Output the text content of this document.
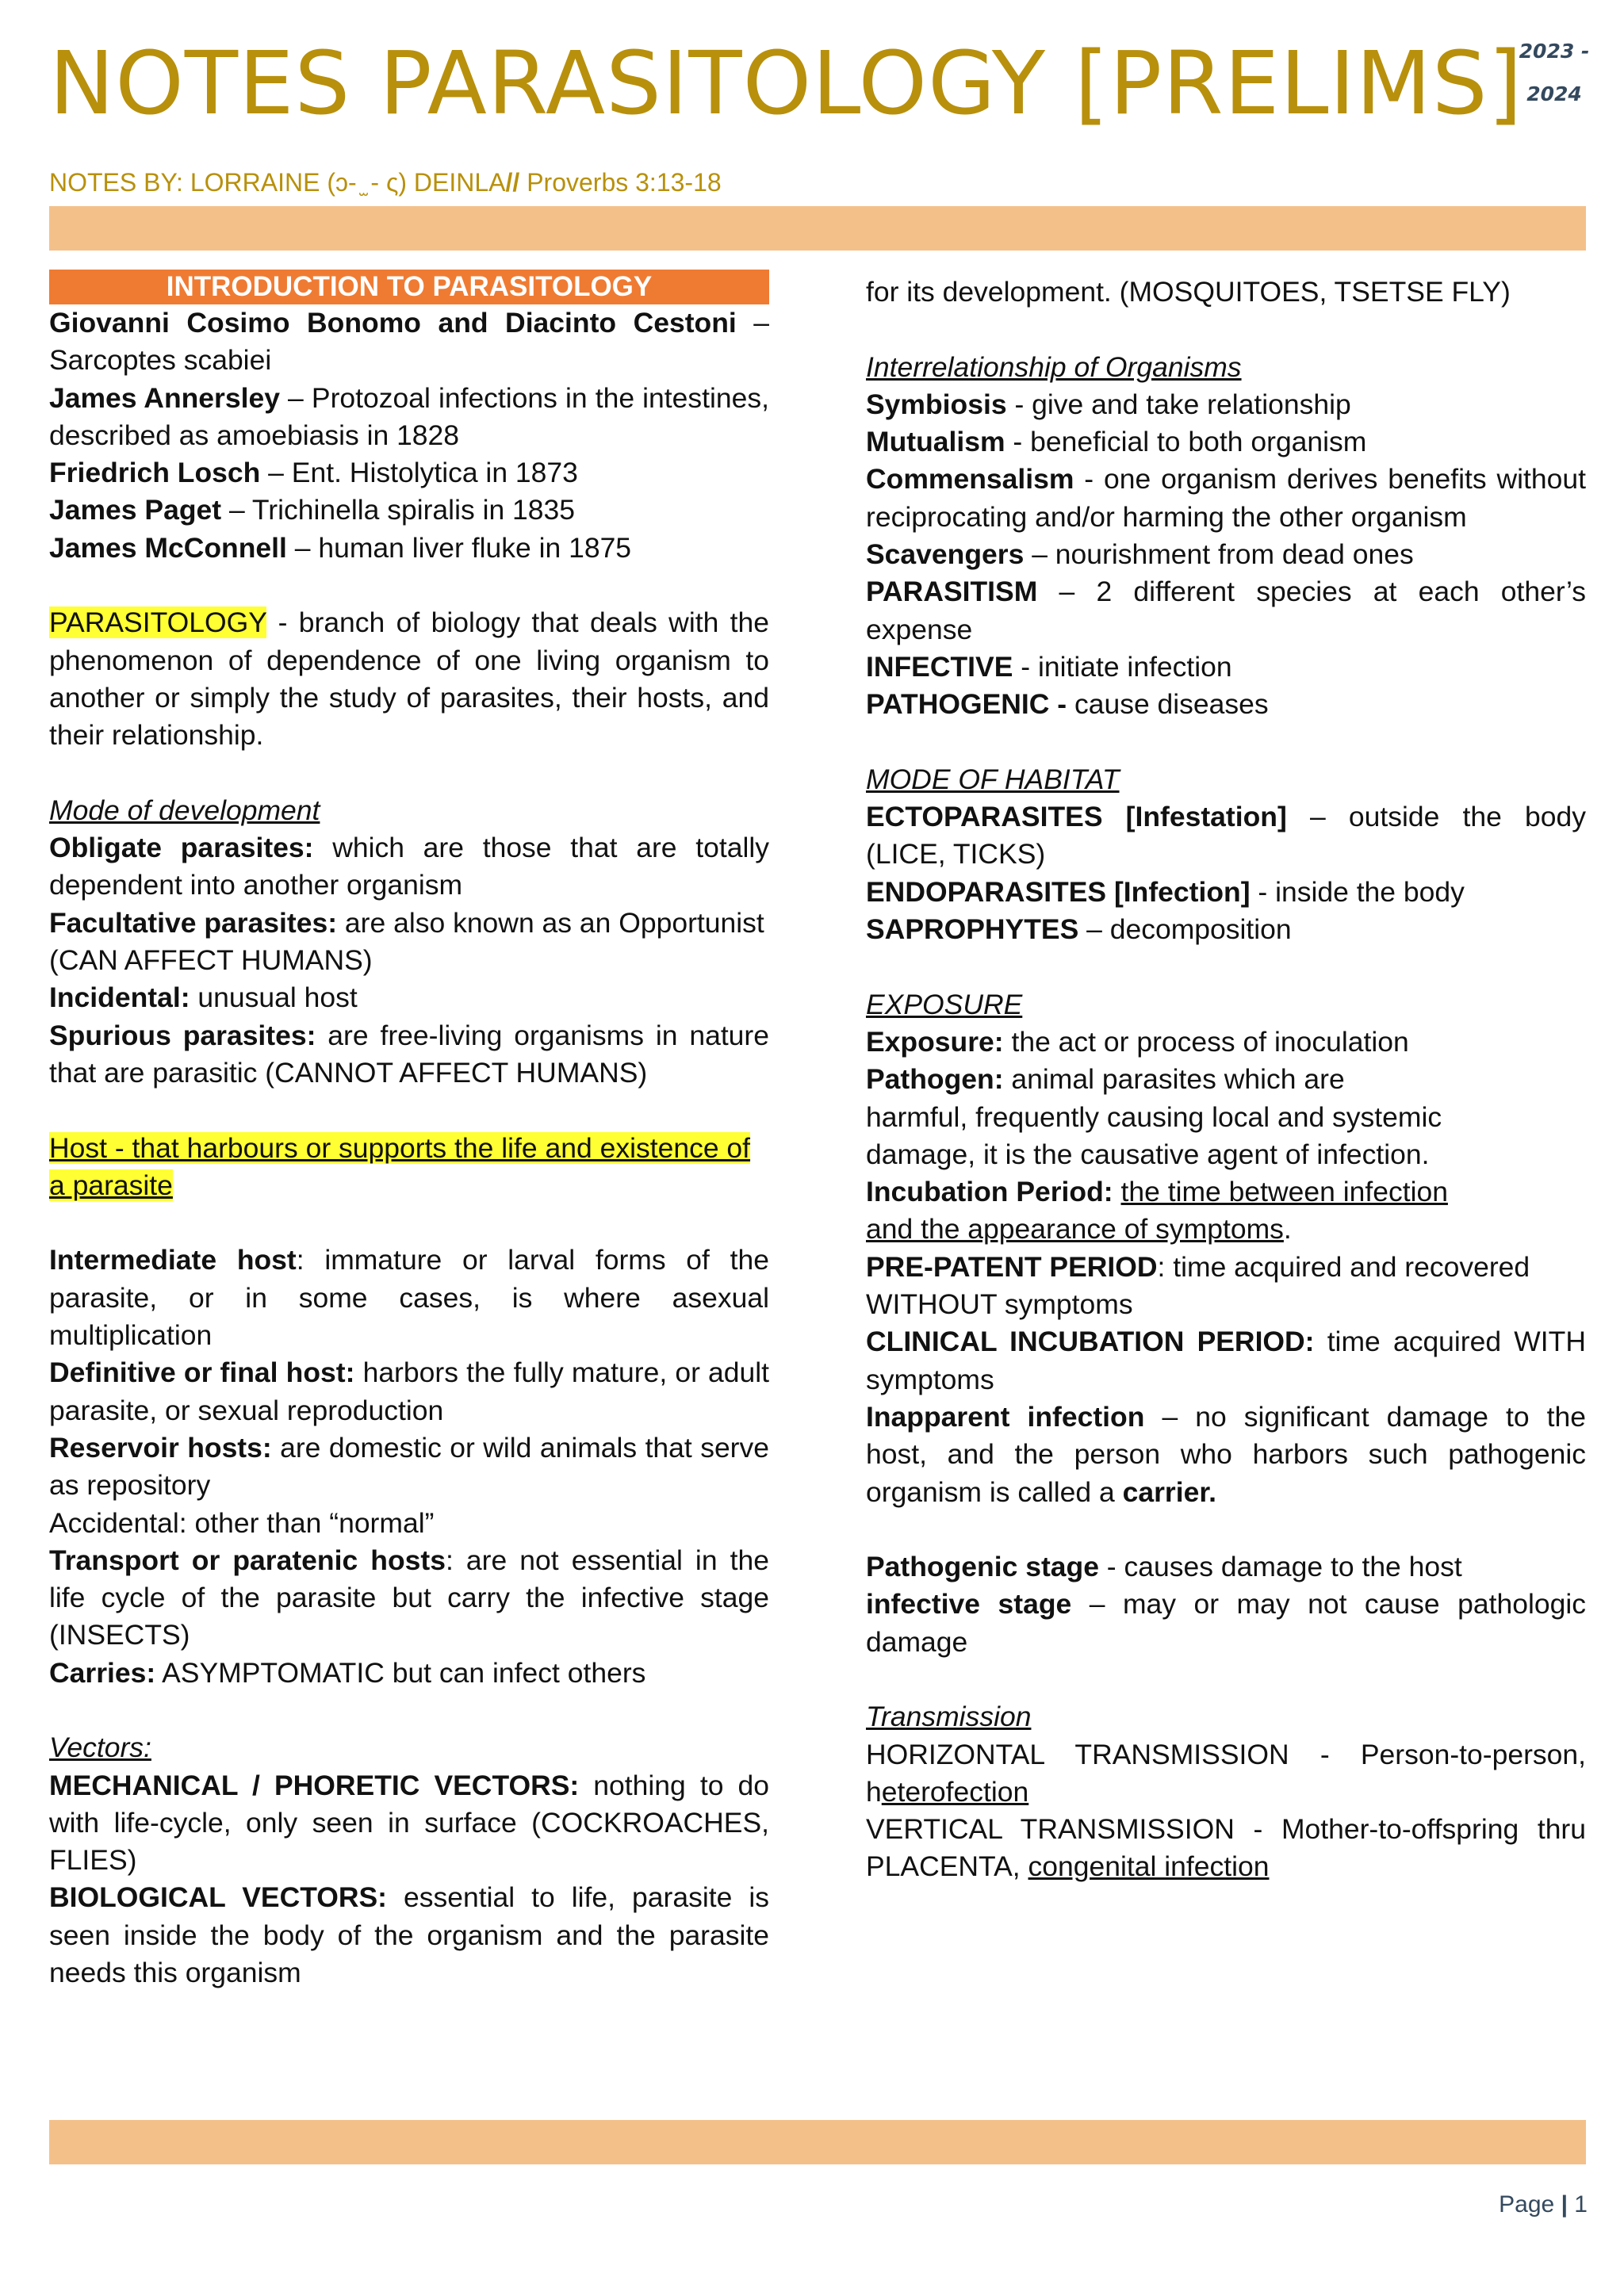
NOTES PARASITOLOGY [PRELIMS]
2023 -
2024
NOTES BY: LORRAINE (ↄ- ̫ - ς) DEINLA// Proverbs 3:13-18
INTRODUCTION TO PARASITOLOGY

Giovanni Cosimo Bonomo and Diacinto Cestoni – Sarcoptes scabiei

James Annersley – Protozoal infections in the intestines, described as amoebiasis in 1828

Friedrich Losch – Ent. Histolytica in 1873

James Paget – Trichinella spiralis in 1835

James McConnell – human liver fluke in 1875

PARASITOLOGY - branch of biology that deals with the phenomenon of dependence of one living organism to another or simply the study of parasites, their hosts, and their relationship.

Mode of development

Obligate parasites: which are those that are totally dependent into another organism

Facultative parasites: are also known as an Opportunist (CAN AFFECT HUMANS)

Incidental: unusual host

Spurious parasites: are free-living organisms in nature that are parasitic (CANNOT AFFECT HUMANS)

Host - that harbours or supports the life and existence of a parasite

Intermediate host: immature or larval forms of the parasite, or in some cases, is where asexual multiplication

Definitive or final host: harbors the fully mature, or adult parasite, or sexual reproduction

Reservoir hosts: are domestic or wild animals that serve as repository

Accidental: other than “normal”

Transport or paratenic hosts: are not essential in the life cycle of the parasite but carry the infective stage (INSECTS)

Carries: ASYMPTOMATIC but can infect others

Vectors:

MECHANICAL / PHORETIC VECTORS: nothing to do with life-cycle, only seen in surface (COCKROACHES, FLIES)

BIOLOGICAL VECTORS: essential to life, parasite is seen inside the body of the organism and the parasite needs this organism

for its development. (MOSQUITOES, TSETSE FLY)

Interrelationship of Organisms

Symbiosis - give and take relationship

Mutualism - beneficial to both organism

Commensalism - one organism derives benefits without reciprocating and/or harming the other organism

Scavengers – nourishment from dead ones

PARASITISM – 2 different species at each other’s expense

INFECTIVE - initiate infection

PATHOGENIC - cause diseases

MODE OF HABITAT

ECTOPARASITES [Infestation] – outside the body (LICE, TICKS)

ENDOPARASITES [Infection] - inside the body

SAPROPHYTES – decomposition

EXPOSURE

Exposure: the act or process of inoculation

Pathogen: animal parasites which are

harmful, frequently causing local and systemic

damage, it is the causative agent of infection.

Incubation Period: the time between infection

and the appearance of symptoms.

PRE-PATENT PERIOD: time acquired and recovered WITHOUT symptoms

CLINICAL INCUBATION PERIOD: time acquired WITH symptoms

Inapparent infection – no significant damage to the host, and the person who harbors such pathogenic organism is called a carrier.

Pathogenic stage - causes damage to the host

infective stage – may or may not cause pathologic damage

Transmission

HORIZONTAL TRANSMISSION - Person-to-person,

heterofection

VERTICAL TRANSMISSION - Mother-to-offspring thru PLACENTA, congenital infection

Page | 1
